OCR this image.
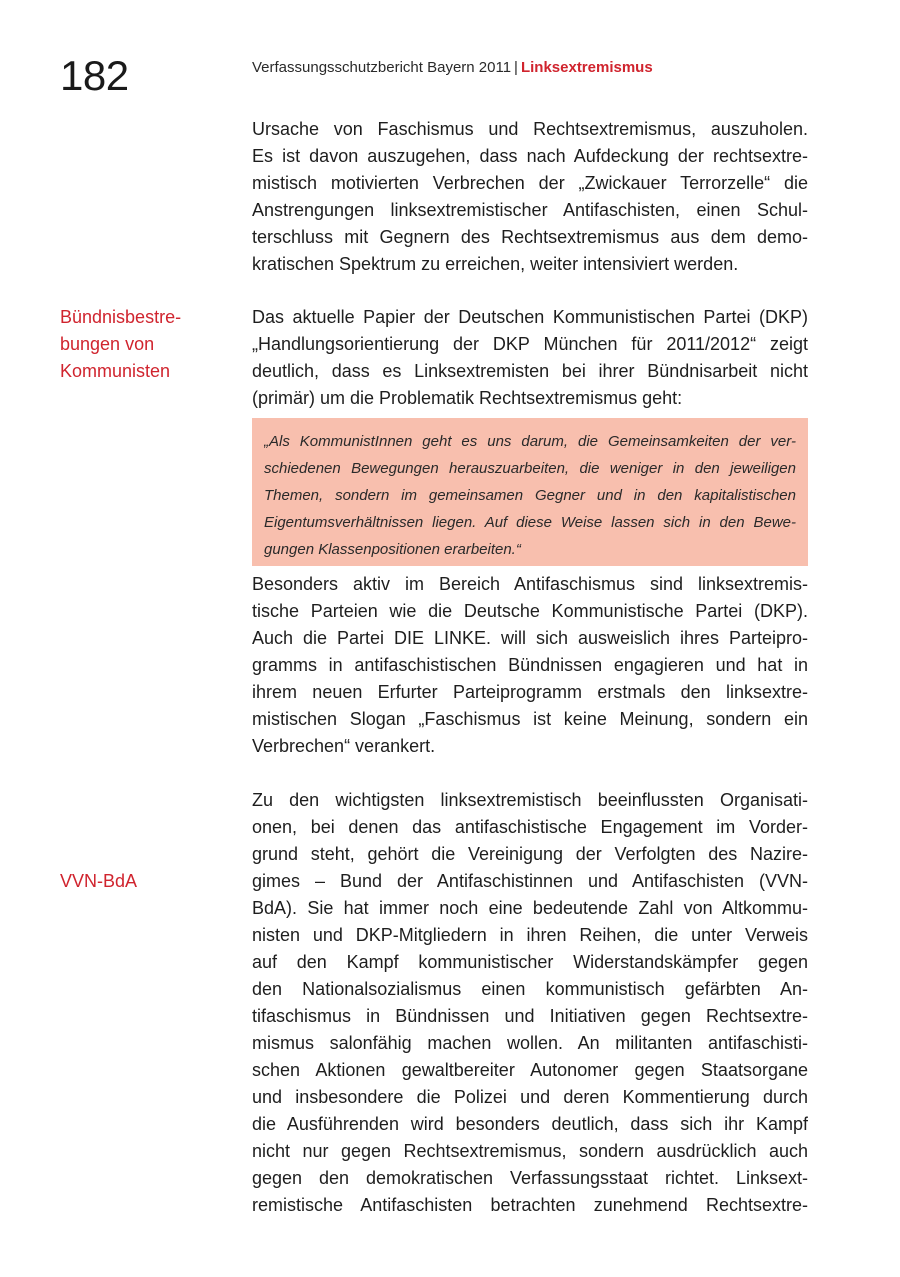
182	Verfassungsschutzbericht Bayern 2011 | Linksextremismus
Ursache von Faschismus und Rechtsextremismus, auszuholen.
Es ist davon auszugehen, dass nach Aufdeckung der rechtsextre-
mistisch motivierten Verbrechen der „Zwickauer Terrorzelle“ die
Anstrengungen linksextremistischer Antifaschisten, einen Schul-
terschluss mit Gegnern des Rechtsextremismus aus dem demo-
kratischen Spektrum zu erreichen, weiter intensiviert werden.
Bündnisbestre-
bungen von
Kommunisten
Das aktuelle Papier der Deutschen Kommunistischen Partei (DKP)
„Handlungsorientierung der DKP München für 2011/2012“ zeigt
deutlich, dass es Linksextremisten bei ihrer Bündnisarbeit nicht
(primär) um die Problematik Rechtsextremismus geht:
„Als KommunistInnen geht es uns darum, die Gemeinsamkeiten der ver-
schiedenen Bewegungen herauszuarbeiten, die weniger in den jeweiligen
Themen, sondern im gemeinsamen Gegner und in den kapitalistischen
Eigentumsverhältnissen liegen. Auf diese Weise lassen sich in den Bewe-
gungen Klassenpositionen erarbeiten.“
Besonders aktiv im Bereich Antifaschismus sind linksextremis-
tische Parteien wie die Deutsche Kommunistische Partei (DKP).
Auch die Partei DIE LINKE. will sich ausweislich ihres Parteipro-
gramms in antifaschistischen Bündnissen engagieren und hat in
ihrem neuen Erfurter Parteiprogramm erstmals den linksextre-
mistischen Slogan „Faschismus ist keine Meinung, sondern ein
Verbrechen“ verankert.
VVN-BdA
Zu den wichtigsten linksextremistisch beeinflussten Organisati-
onen, bei denen das antifaschistische Engagement im Vorder-
grund steht, gehört die Vereinigung der Verfolgten des Nazire-
gimes – Bund der Antifaschistinnen und Antifaschisten (VVN-
BdA). Sie hat immer noch eine bedeutende Zahl von Altkommu-
nisten und DKP-Mitgliedern in ihren Reihen, die unter Verweis
auf den Kampf kommunistischer Widerstandskämpfer gegen
den Nationalsozialismus einen kommunistisch gefärbten An-
tifaschismus in Bündnissen und Initiativen gegen Rechtsextre-
mismus salonfähig machen wollen. An militanten antifaschisti-
schen Aktionen gewaltbereiter Autonomer gegen Staatsorgane
und insbesondere die Polizei und deren Kommentierung durch
die Ausführenden wird besonders deutlich, dass sich ihr Kampf
nicht nur gegen Rechtsextremismus, sondern ausdrücklich auch
gegen den demokratischen Verfassungsstaat richtet. Linksext-
remistische Antifaschisten betrachten zunehmend Rechtsextre-
